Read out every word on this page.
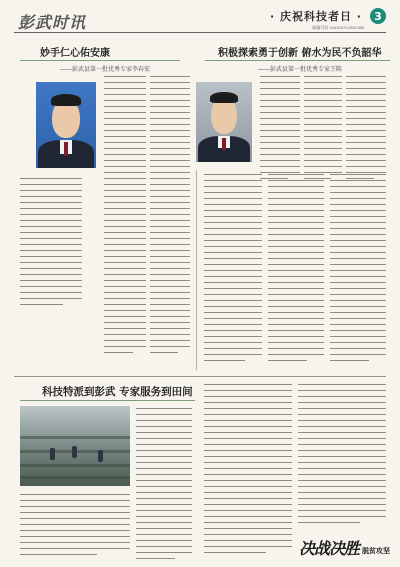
彭武时讯	· 庆祝科技者日 ·	3
邮编号码 43410070 6502356
妙手仁心佑安康
——彭武县第一批优秀专家李春宏
积极探索勇于创新 俯水为民不负韶华
——彭武县第一批优秀专家王陈
科技特派到彭武 专家服务到田间
决战决胜 脱贫攻坚
